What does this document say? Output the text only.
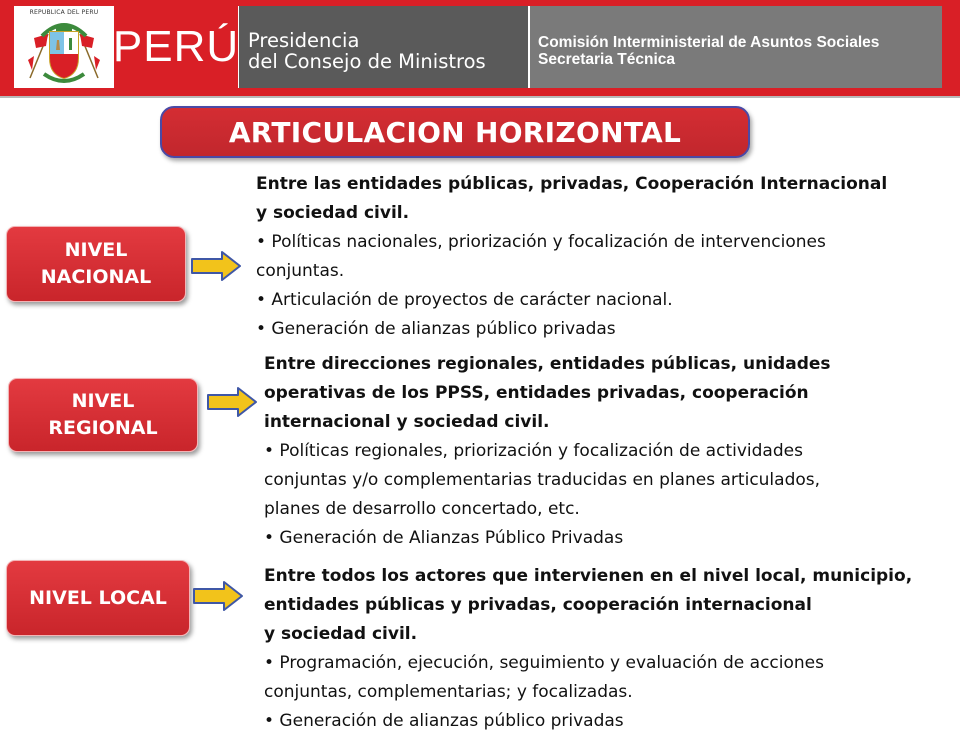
REPUBLICA DEL PERU
PERÚ Presidencia
del Consejo de Ministros
Comisión Interministerial de Asuntos Sociales
Secretaria Técnica
ARTICULACION HORIZONTAL
NIVEL
NACIONAL

Entre las entidades públicas, privadas, Cooperación Internacional

y sociedad civil.

• Políticas nacionales, priorización y focalización de intervenciones

conjuntas.

• Articulación de proyectos de carácter nacional.

• Generación de alianzas público privadas

NIVEL
REGIONAL

Entre direcciones regionales, entidades públicas, unidades

operativas de los PPSS, entidades privadas, cooperación

internacional y sociedad civil.

• Políticas regionales, priorización y focalización de actividades

conjuntas y/o complementarias traducidas en planes articulados,

planes de desarrollo concertado, etc.

• Generación de Alianzas Público Privadas

NIVEL LOCAL

Entre todos los actores que intervienen en el nivel local, municipio,

entidades públicas y privadas, cooperación internacional

y sociedad civil.

• Programación, ejecución, seguimiento y evaluación de acciones

conjuntas, complementarias; y focalizadas.

• Generación de alianzas público privadas
